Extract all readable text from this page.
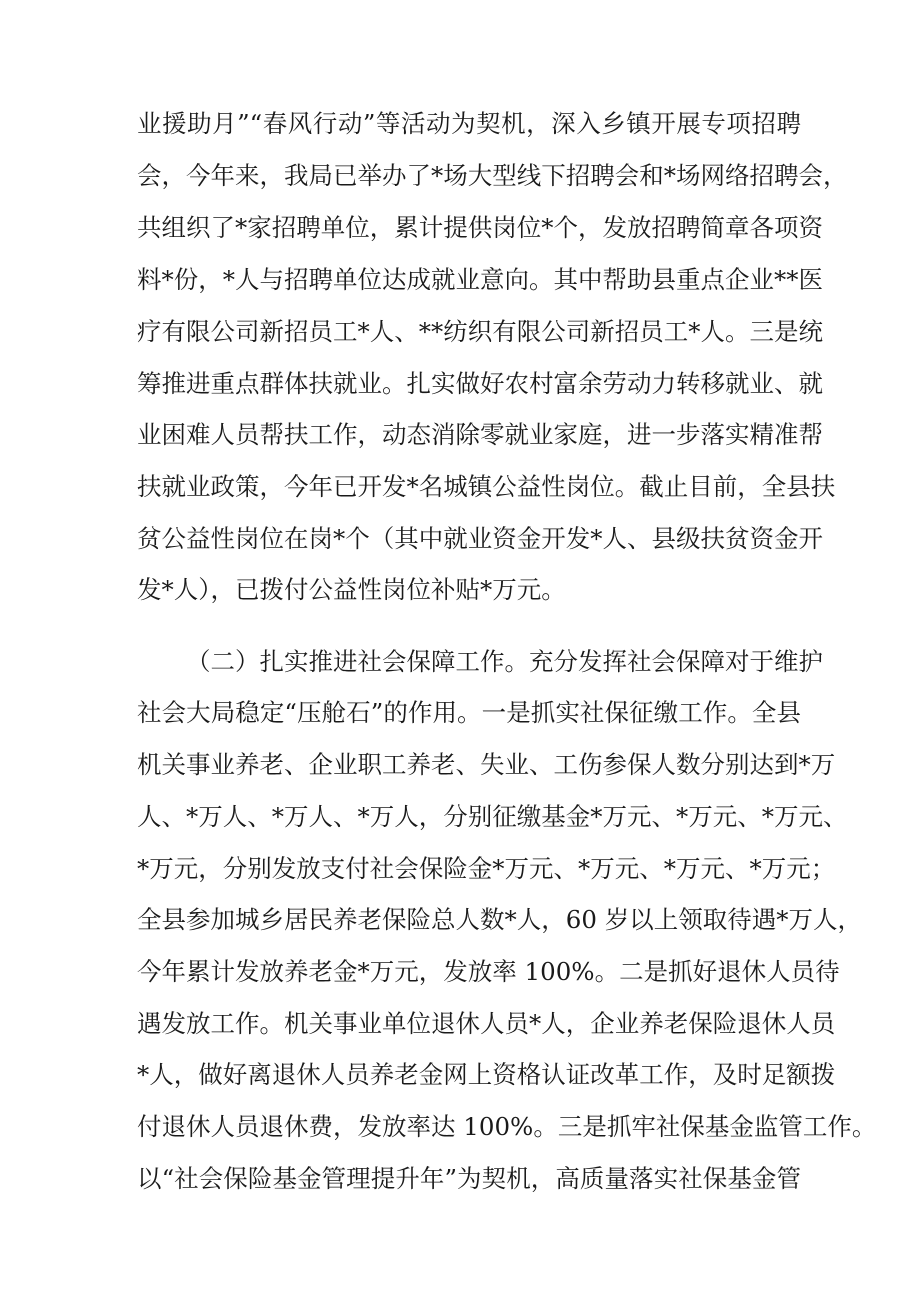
业援助月”“春风行动”等活动为契机，深入乡镇开展专项招聘
会，今年来，我局已举办了*场大型线下招聘会和*场网络招聘会，
共组织了*家招聘单位，累计提供岗位*个，发放招聘简章各项资
料*份，*人与招聘单位达成就业意向。其中帮助县重点企业**医
疗有限公司新招员工*人、**纺织有限公司新招员工*人。三是统
筹推进重点群体扶就业。扎实做好农村富余劳动力转移就业、就
业困难人员帮扶工作，动态消除零就业家庭，进一步落实精准帮
扶就业政策，今年已开发*名城镇公益性岗位。截止目前，全县扶
贫公益性岗位在岗*个（其中就业资金开发*人、县级扶贫资金开
发*人），已拨付公益性岗位补贴*万元。
（二）扎实推进社会保障工作。充分发挥社会保障对于维护
社会大局稳定“压舱石”的作用。一是抓实社保征缴工作。全县
机关事业养老、企业职工养老、失业、工伤参保人数分别达到*万
人、*万人、*万人、*万人，分别征缴基金*万元、*万元、*万元、
*万元，分别发放支付社会保险金*万元、*万元、*万元、*万元；
全县参加城乡居民养老保险总人数*人，60 岁以上领取待遇*万人，
今年累计发放养老金*万元，发放率 100%。二是抓好退休人员待
遇发放工作。机关事业单位退休人员*人，企业养老保险退休人员
*人，做好离退休人员养老金网上资格认证改革工作，及时足额拨
付退休人员退休费，发放率达 100%。三是抓牢社保基金监管工作。
以“社会保险基金管理提升年”为契机，高质量落实社保基金管
